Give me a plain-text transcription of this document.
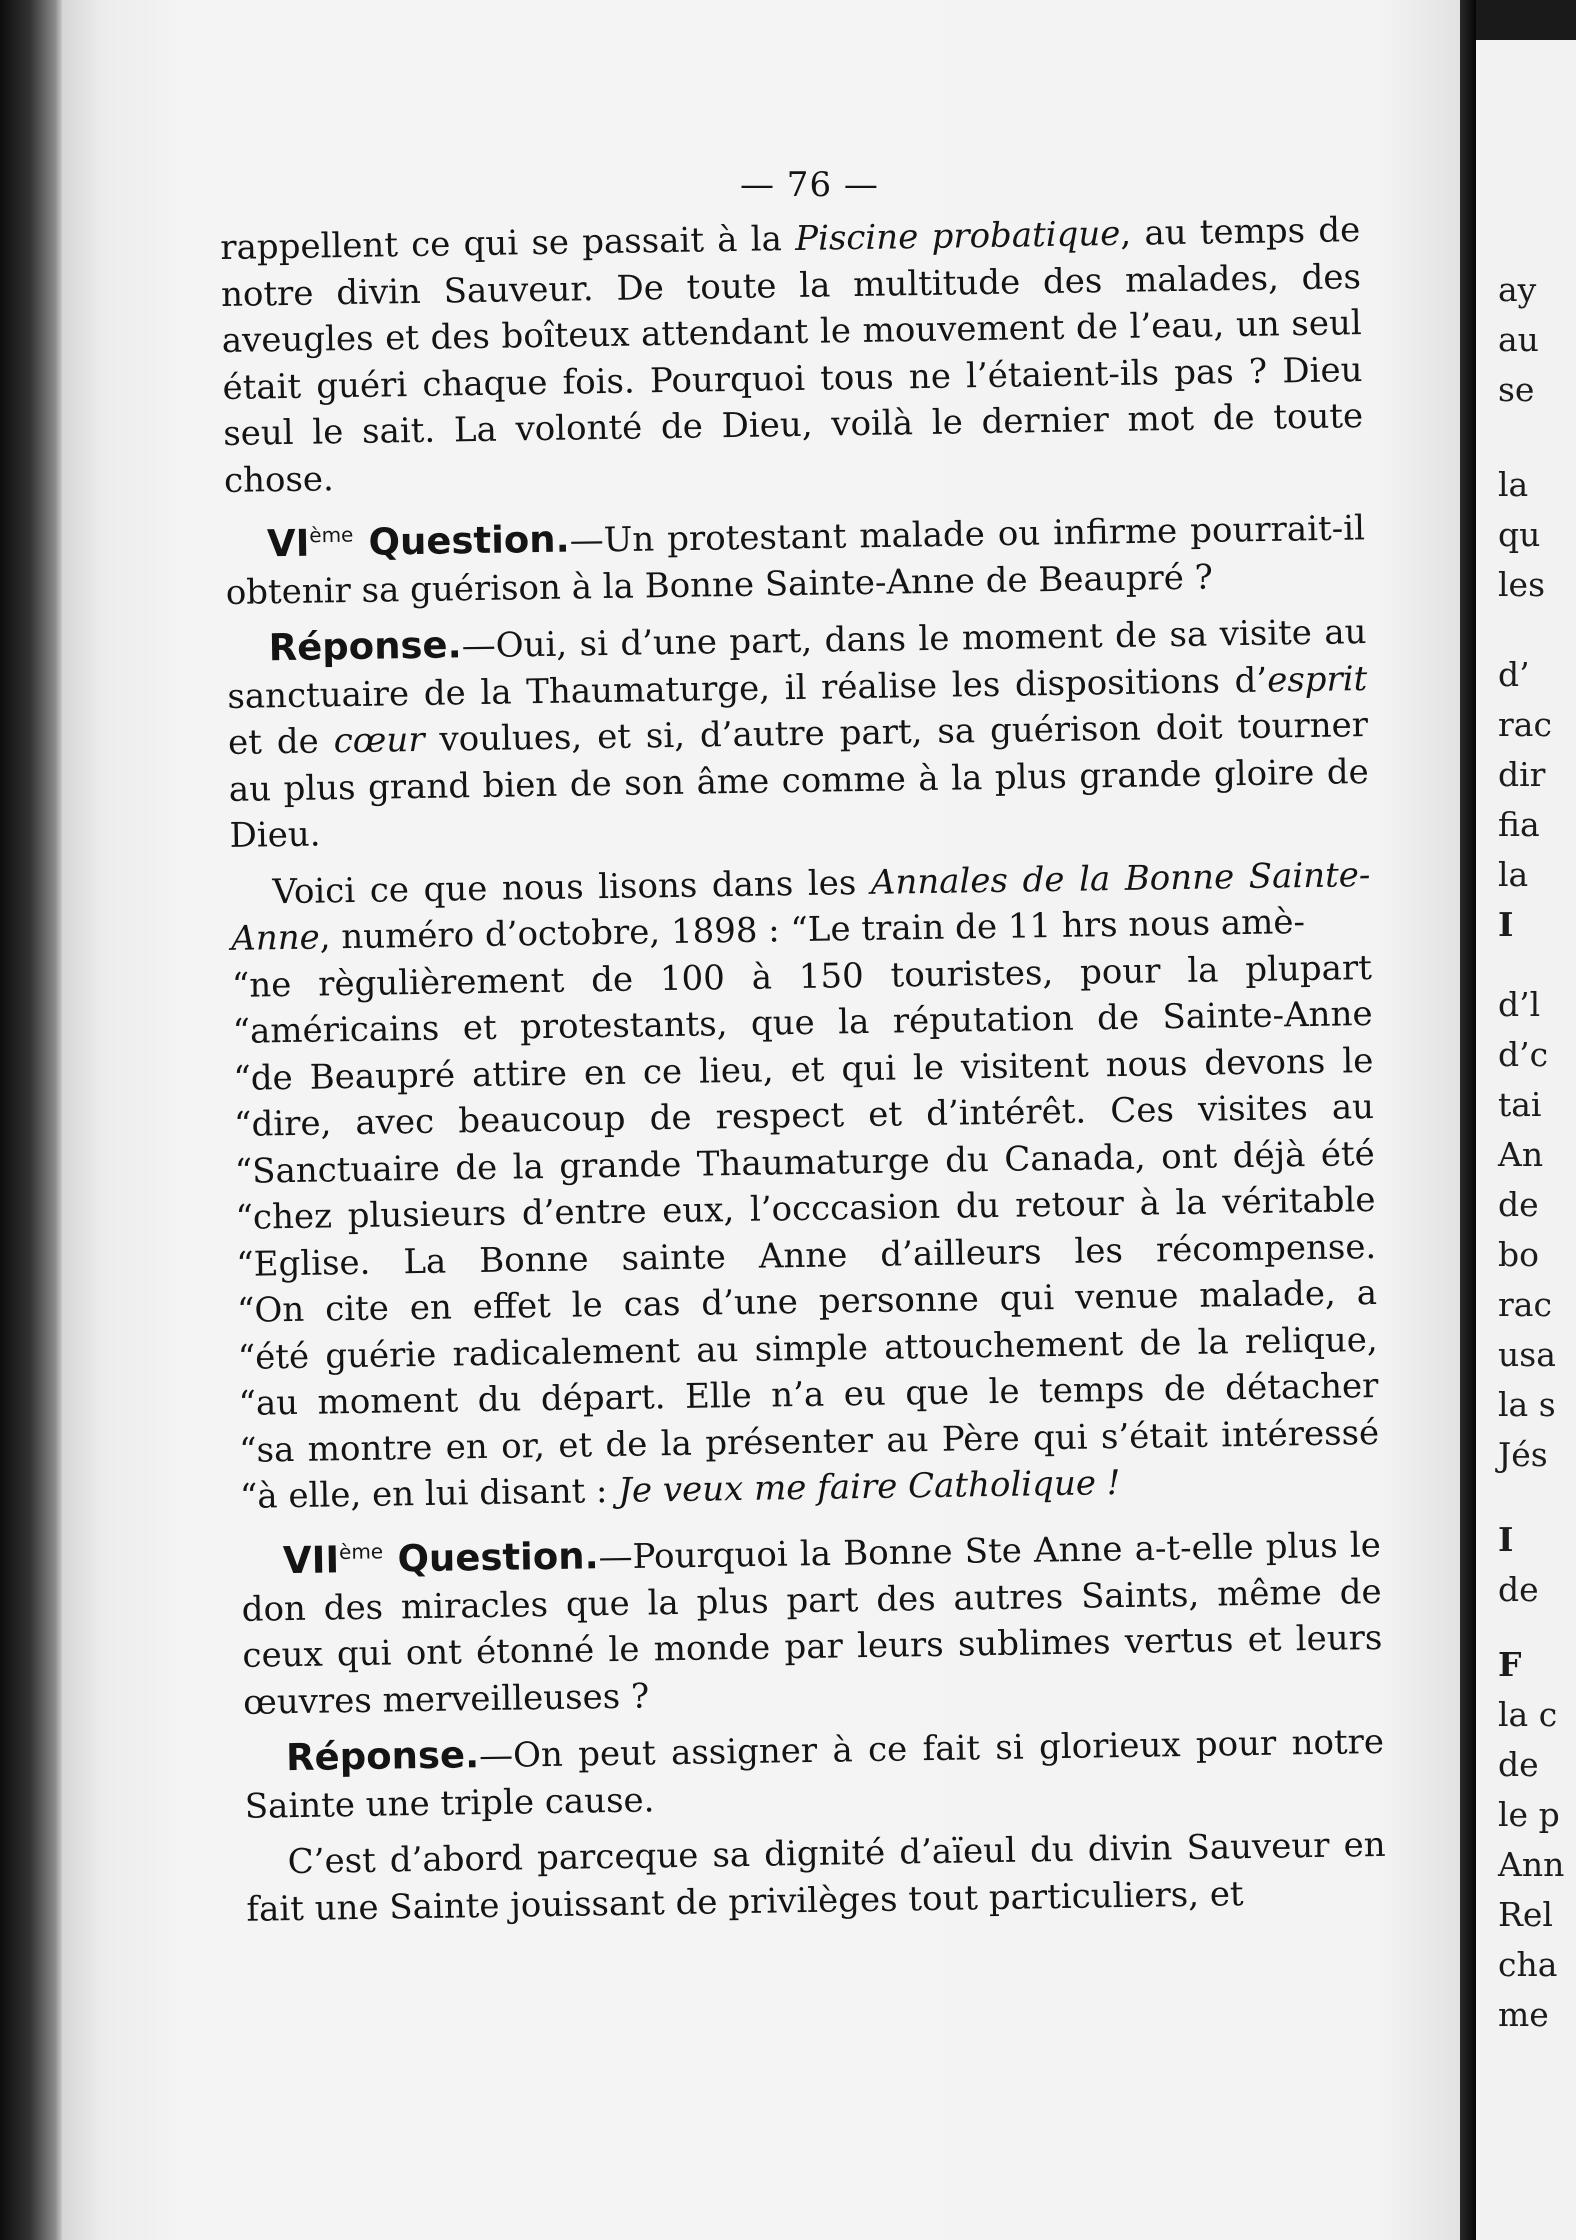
— 76 —

rappellent ce qui se passait à la Piscine probatique, au temps de notre divin Sauveur. De toute la multitude des malades, des aveugles et des boîteux attendant le mouvement de l’eau, un seul était guéri chaque fois. Pourquoi tous ne l’étaient-ils pas ? Dieu seul le sait. La volonté de Dieu, voilà le dernier mot de toute chose.

VIème Question.—Un protestant malade ou infirme pourrait-il obtenir sa guérison à la Bonne Sainte-Anne de Beaupré ?

Réponse.—Oui, si d’une part, dans le moment de sa visite au sanctuaire de la Thaumaturge, il réalise les dispositions d’esprit et de cœur voulues, et si, d’autre part, sa guérison doit tourner au plus grand bien de son âme comme à la plus grande gloire de Dieu.

Voici ce que nous lisons dans les Annales de la Bonne Sainte-Anne, numéro d’octobre, 1898 : “Le train de 11 hrs nous amè-

“ne règulièrement de 100 à 150 touristes, pour la plupart
“américains et protestants, que la réputation de Sainte-Anne
“de Beaupré attire en ce lieu, et qui le visitent nous devons le
“dire, avec beaucoup de respect et d’intérêt. Ces visites au
“Sanctuaire de la grande Thaumaturge du Canada, ont déjà été
“chez plusieurs d’entre eux, l’occcasion du retour à la véritable
“Eglise. La Bonne sainte Anne d’ailleurs les récompense.
“On cite en effet le cas d’une personne qui venue malade, a
“été guérie radicalement au simple attouchement de la relique,
“au moment du départ. Elle n’a eu que le temps de détacher
“sa montre en or, et de la présenter au Père qui s’était intéressé
“à elle, en lui disant : Je veux me faire Catholique !

VIIème Question.—Pourquoi la Bonne Ste Anne a-t-elle plus le don des miracles que la plus part des autres Saints, même de ceux qui ont étonné le monde par leurs sublimes vertus et leurs œuvres merveilleuses ?

Réponse.—On peut assigner à ce fait si glorieux pour notre Sainte une triple cause.

C’est d’abord parceque sa dignité d’aïeul du divin Sauveur en fait une Sainte jouissant de privilèges tout particuliers, et

ay
au
se
la
qu
les
d’
rac
dir
fia
la
I
d’l
d’c
tai
An
de
bo
rac
usa
la s
Jés
I
de
F
la c
de
le p
Ann
Rel
cha
me
